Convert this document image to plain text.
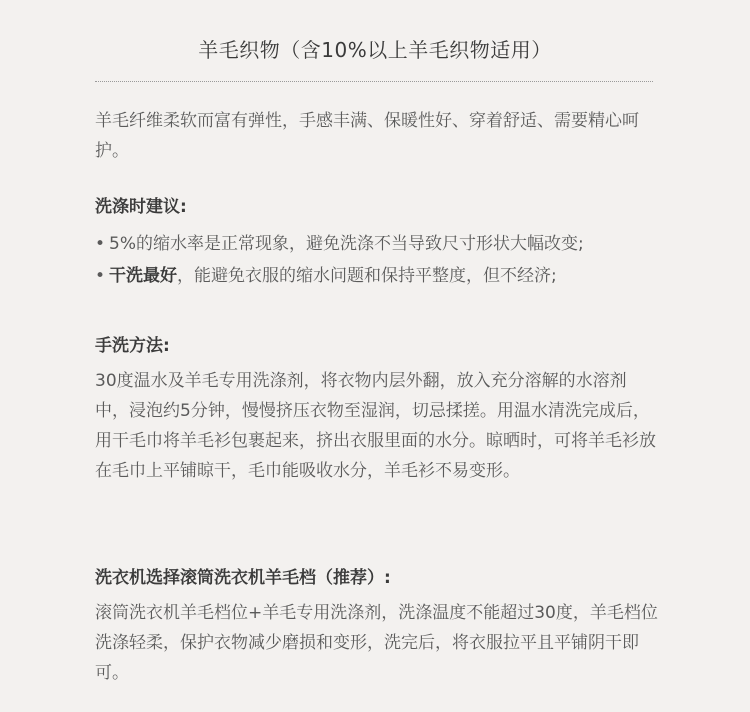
羊毛织物（含10%以上羊毛织物适用）
羊毛纤维柔软而富有弹性，手感丰满、保暖性好、穿着舒适、需要精心呵护。
洗涤时建议:
• 5%的缩水率是正常现象，避免洗涤不当导致尺寸形状大幅改变;
• 干洗最好，能避免衣服的缩水问题和保持平整度，但不经济;
手洗方法:
30度温水及羊毛专用洗涤剂，将衣物内层外翻，放入充分溶解的水溶剂中，浸泡约5分钟，慢慢挤压衣物至湿润，切忌揉搓。用温水清洗完成后，用干毛巾将羊毛衫包裹起来，挤出衣服里面的水分。晾晒时，可将羊毛衫放在毛巾上平铺晾干，毛巾能吸收水分，羊毛衫不易变形。
洗衣机选择滚筒洗衣机羊毛档（推荐）:
滚筒洗衣机羊毛档位+羊毛专用洗涤剂，洗涤温度不能超过30度，羊毛档位洗涤轻柔，保护衣物减少磨损和变形，洗完后，将衣服拉平且平铺阴干即可。
